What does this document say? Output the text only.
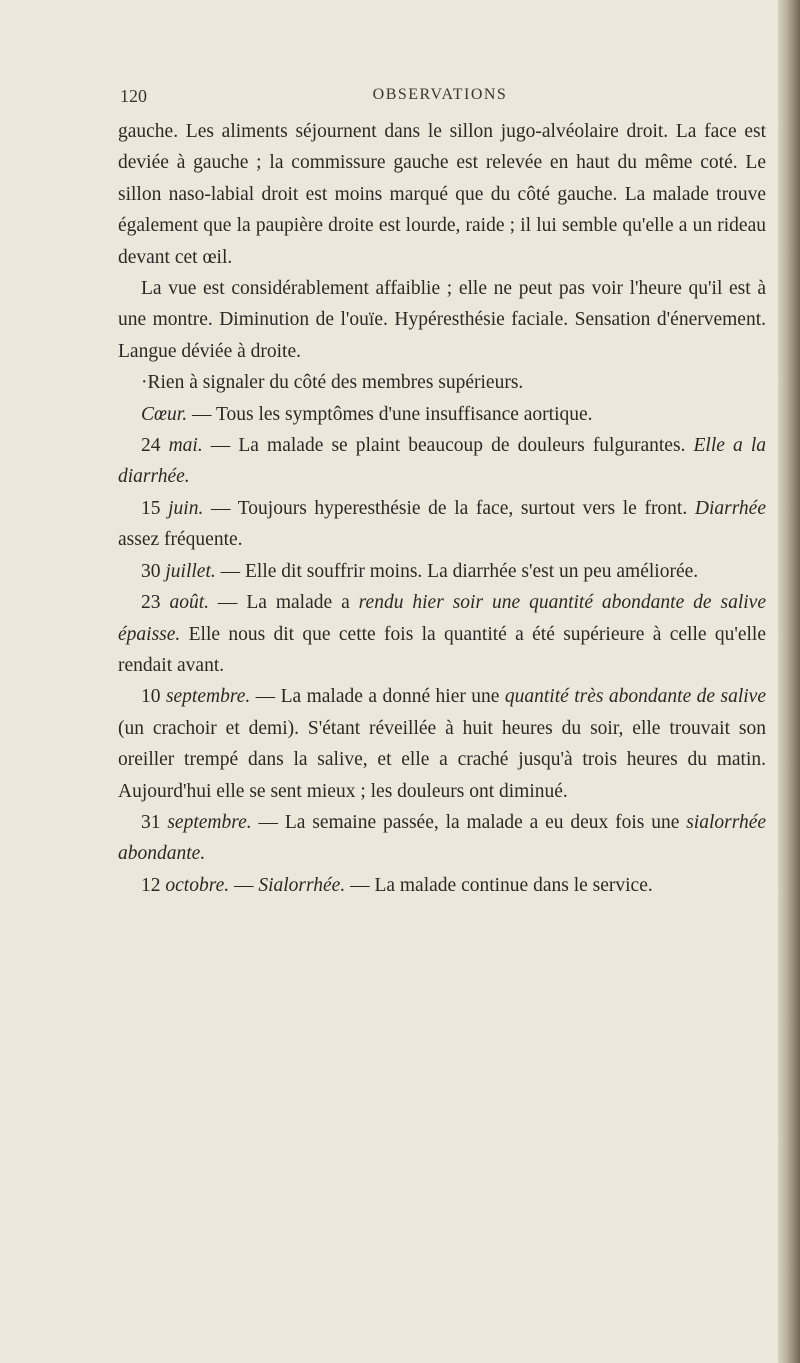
120	OBSERVATIONS

gauche. Les aliments séjournent dans le sillon jugo-alvéolaire droit. La face est deviée à gauche ; la commissure gauche est relevée en haut du même coté. Le sillon naso-labial droit est moins marqué que du côté gauche. La malade trouve également que la paupière droite est lourde, raide ; il lui semble qu'elle a un rideau devant cet œil.

La vue est considérablement affaiblie ; elle ne peut pas voir l'heure qu'il est à une montre. Diminution de l'ouïe. Hypéresthésie faciale. Sensation d'énervement. Langue déviée à droite.

·Rien à signaler du côté des membres supérieurs.

Cœur. — Tous les symptômes d'une insuffisance aortique.

24 mai. — La malade se plaint beaucoup de douleurs fulgurantes. Elle a la diarrhée.

15 juin. — Toujours hyperesthésie de la face, surtout vers le front. Diarrhée assez fréquente.

30 juillet. — Elle dit souffrir moins. La diarrhée s'est un peu améliorée.

23 août. — La malade a rendu hier soir une quantité abondante de salive épaisse. Elle nous dit que cette fois la quantité a été supérieure à celle qu'elle rendait avant.

10 septembre. — La malade a donné hier une quantité très abondante de salive (un crachoir et demi). S'étant réveillée à huit heures du soir, elle trouvait son oreiller trempé dans la salive, et elle a craché jusqu'à trois heures du matin. Aujourd'hui elle se sent mieux ; les douleurs ont diminué.

31 septembre. — La semaine passée, la malade a eu deux fois une sialorrhée abondante.

12 octobre. — Sialorrhée. — La malade continue dans le service.
